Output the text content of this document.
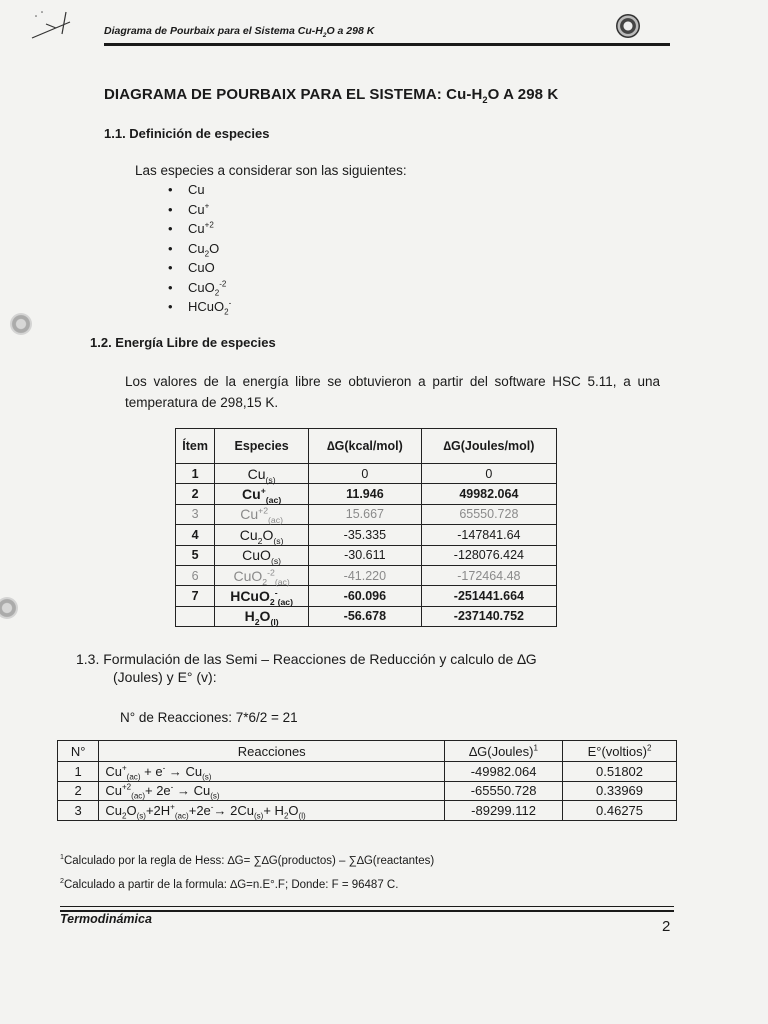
Diagrama de Pourbaix para el Sistema $Cu-H_2O$ a 298 K
DIAGRAMA DE POURBAIX PARA EL SISTEMA: $Cu-H_2O$ A 298 K
1.1. Definición de especies
Las especies a considerar son las siguientes:
• Cu
• Cu+
• $Cu^{+2}$
• $Cu_2O$
• CuO
• CuO$_2^{-2}$
• HCuO$_2$-
1.2. Energía Libre de especies
Los valores de la energía libre se obtuvieron a partir del software HSC 5.11, a una temperatura de 298,15 K.
Ítem	Especies	∆G(kcal/mol)	∆G(Joules/mol)
1	$Cu_{(s)}$	0	0
2	$Cu^+_{(ac)}$	11.946	49982.064
3	$Cu^{+2}_{(ac)}$	15.667	65550.728
4	$Cu_2O_{(s)}$	-35.335	-147841.64
5	CuO$_{(s)}$	-30.611	-128076.424
6	CuO$_2^{-2}_{(ac)}$	-41.220	-172464.48
7	HCuO$_2$-$_{(ac)}$	-60.096	-251441.664
	$H_2O_{(l)}$	-56.678	-237140.752
1.3. Formulación de las Semi – Reacciones de Reducción y calculo de ∆G
(Joules) y E° (v):
N° de Reacciones: 7*6/2 = 21
N°	Reacciones	∆G(Joules)$^1$	E°(voltios)$^2$
1	$Cu^+_{(ac)} + e^- \to Cu_{(s)}$	-49982.064	0.51802
2	$Cu^{+2}_{(ac)}+ 2e^- \to Cu_{(s)}$	-65550.728	0.33969
3	$Cu_2O_{(s)}+2H^+_{(ac)}+2e^-\to 2Cu_{(s)}+ H_2O_{(l)}$	-89299.112	0.46275
$^1$Calculado por la regla de Hess: ∆G= ∑∆G(productos) – ∑∆G(reactantes)
$^2$Calculado a partir de la formula: ∆G=n.E°.F; Donde: F = 96487 C.
Termodinámica	2
